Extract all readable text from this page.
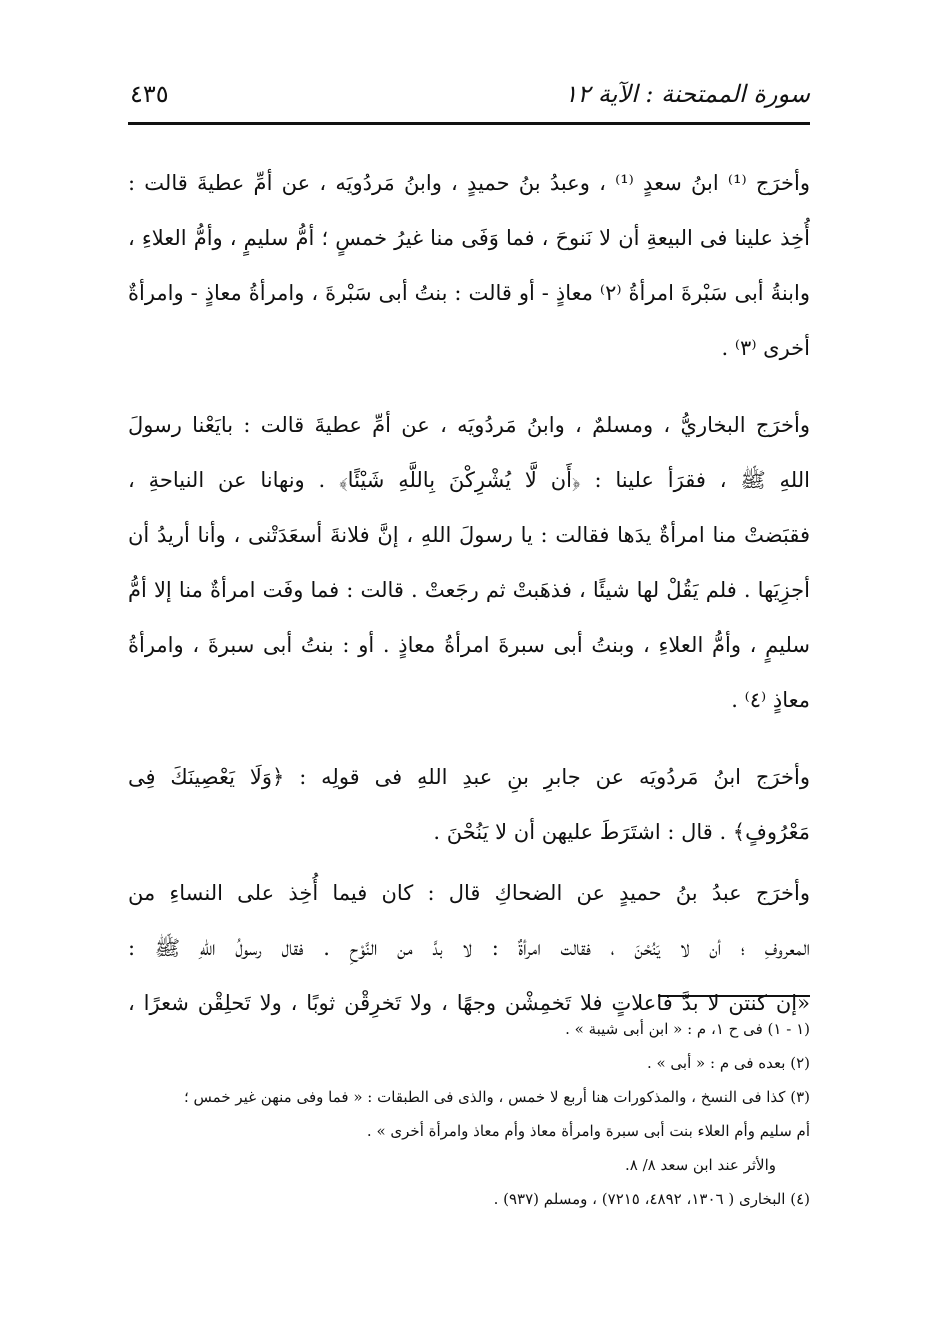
سورة الممتحنة : الآية ١٢
٤٣٥
وأخرَج ⁽¹⁾ ابنُ سعدٍ ⁽¹⁾ ، وعبدُ بنُ حميدٍ ، وابنُ مَردُويَه ، عن أمِّ عطيةَ قالت :
أُخِذ علينا فى البيعةِ أن لا نَنوحَ ، فما وَفَى منا غيرُ خمسٍ ؛ أمُّ سليمٍ ، وأمُّ العلاءِ ،
وابنةُ أبى سَبْرةَ امرأةُ ⁽٢⁾ معاذٍ - أو قالت : بنتُ أبى سَبْرةَ ، وامرأةُ معاذٍ - وامرأةٌ
أخرى ⁽٣⁾ .
وأخرَج البخاريُّ ، ومسلمٌ ، وابنُ مَردُويَه ، عن أمِّ عطيةَ قالت : بايَعْنا رسولَ
اللهِ ﷺ ، فقرَأ علينا : ﴿أَن لَّا يُشْرِكْنَ بِاللَّهِ شَيْئًا﴾ . ونهانا عن النياحةِ ،
فقبَضتْ منا امرأةٌ يدَها فقالت : يا رسولَ اللهِ ، إنَّ فلانةَ أسعَدَتْنى ، وأنا أريدُ أن
أجزِيَها . فلم يَقُلْ لها شيئًا ، فذهَبتْ ثم رجَعتْ . قالت : فما وفَت امرأةٌ منا إلا أمُّ
سليمٍ ، وأمُّ العلاءِ ، وبنتُ أبى سبرةَ امرأةُ معاذٍ . أو : بنتُ أبى سبرةَ ، وامرأةُ
معاذٍ ⁽٤⁾ .
وأخرَج ابنُ مَردُويَه عن جابرِ بنِ عبدِ اللهِ فى قولِه : ﴿وَلَا يَعْصِينَكَ فِى
مَعْرُوفٍ﴾ . قال : اشتَرَطَ عليهن أن لا يَنُحْنَ .
وأخرَج عبدُ بنُ حميدٍ عن الضحاكِ قال : كان فيما أُخِذ على النساءِ من
المعروفِ ؛ أن لا يَنُحْنَ ، فقالت امرأةٌ : لا بدَّ من النَّوْحِ . فقال رسولُ اللهِ ﷺ :
«إن كنتن لا بدَّ فاعلاتٍ فلا تَخمِشْن وجهًا ، ولا تَخرِقْن ثوبًا ، ولا تَحلِقْن شعرًا ،
(١ - ١) فى ح ١، م : « ابن أبى شيبة » .
(٢) بعده فى م : « أبى » .
(٣) كذا فى النسخ ، والمذكورات هنا أربع لا خمس ، والذى فى الطبقات : « فما وفى منهن غير خمس ؛
أم سليم وأم العلاء بنت أبى سبرة وامرأة معاذ وأم معاذ وامرأة أخرى » .
والأثر عند ابن سعد ٨/ ٨.
(٤) البخارى ( ١٣٠٦، ٤٨٩٢، ٧٢١٥) ، ومسلم (٩٣٧) .
